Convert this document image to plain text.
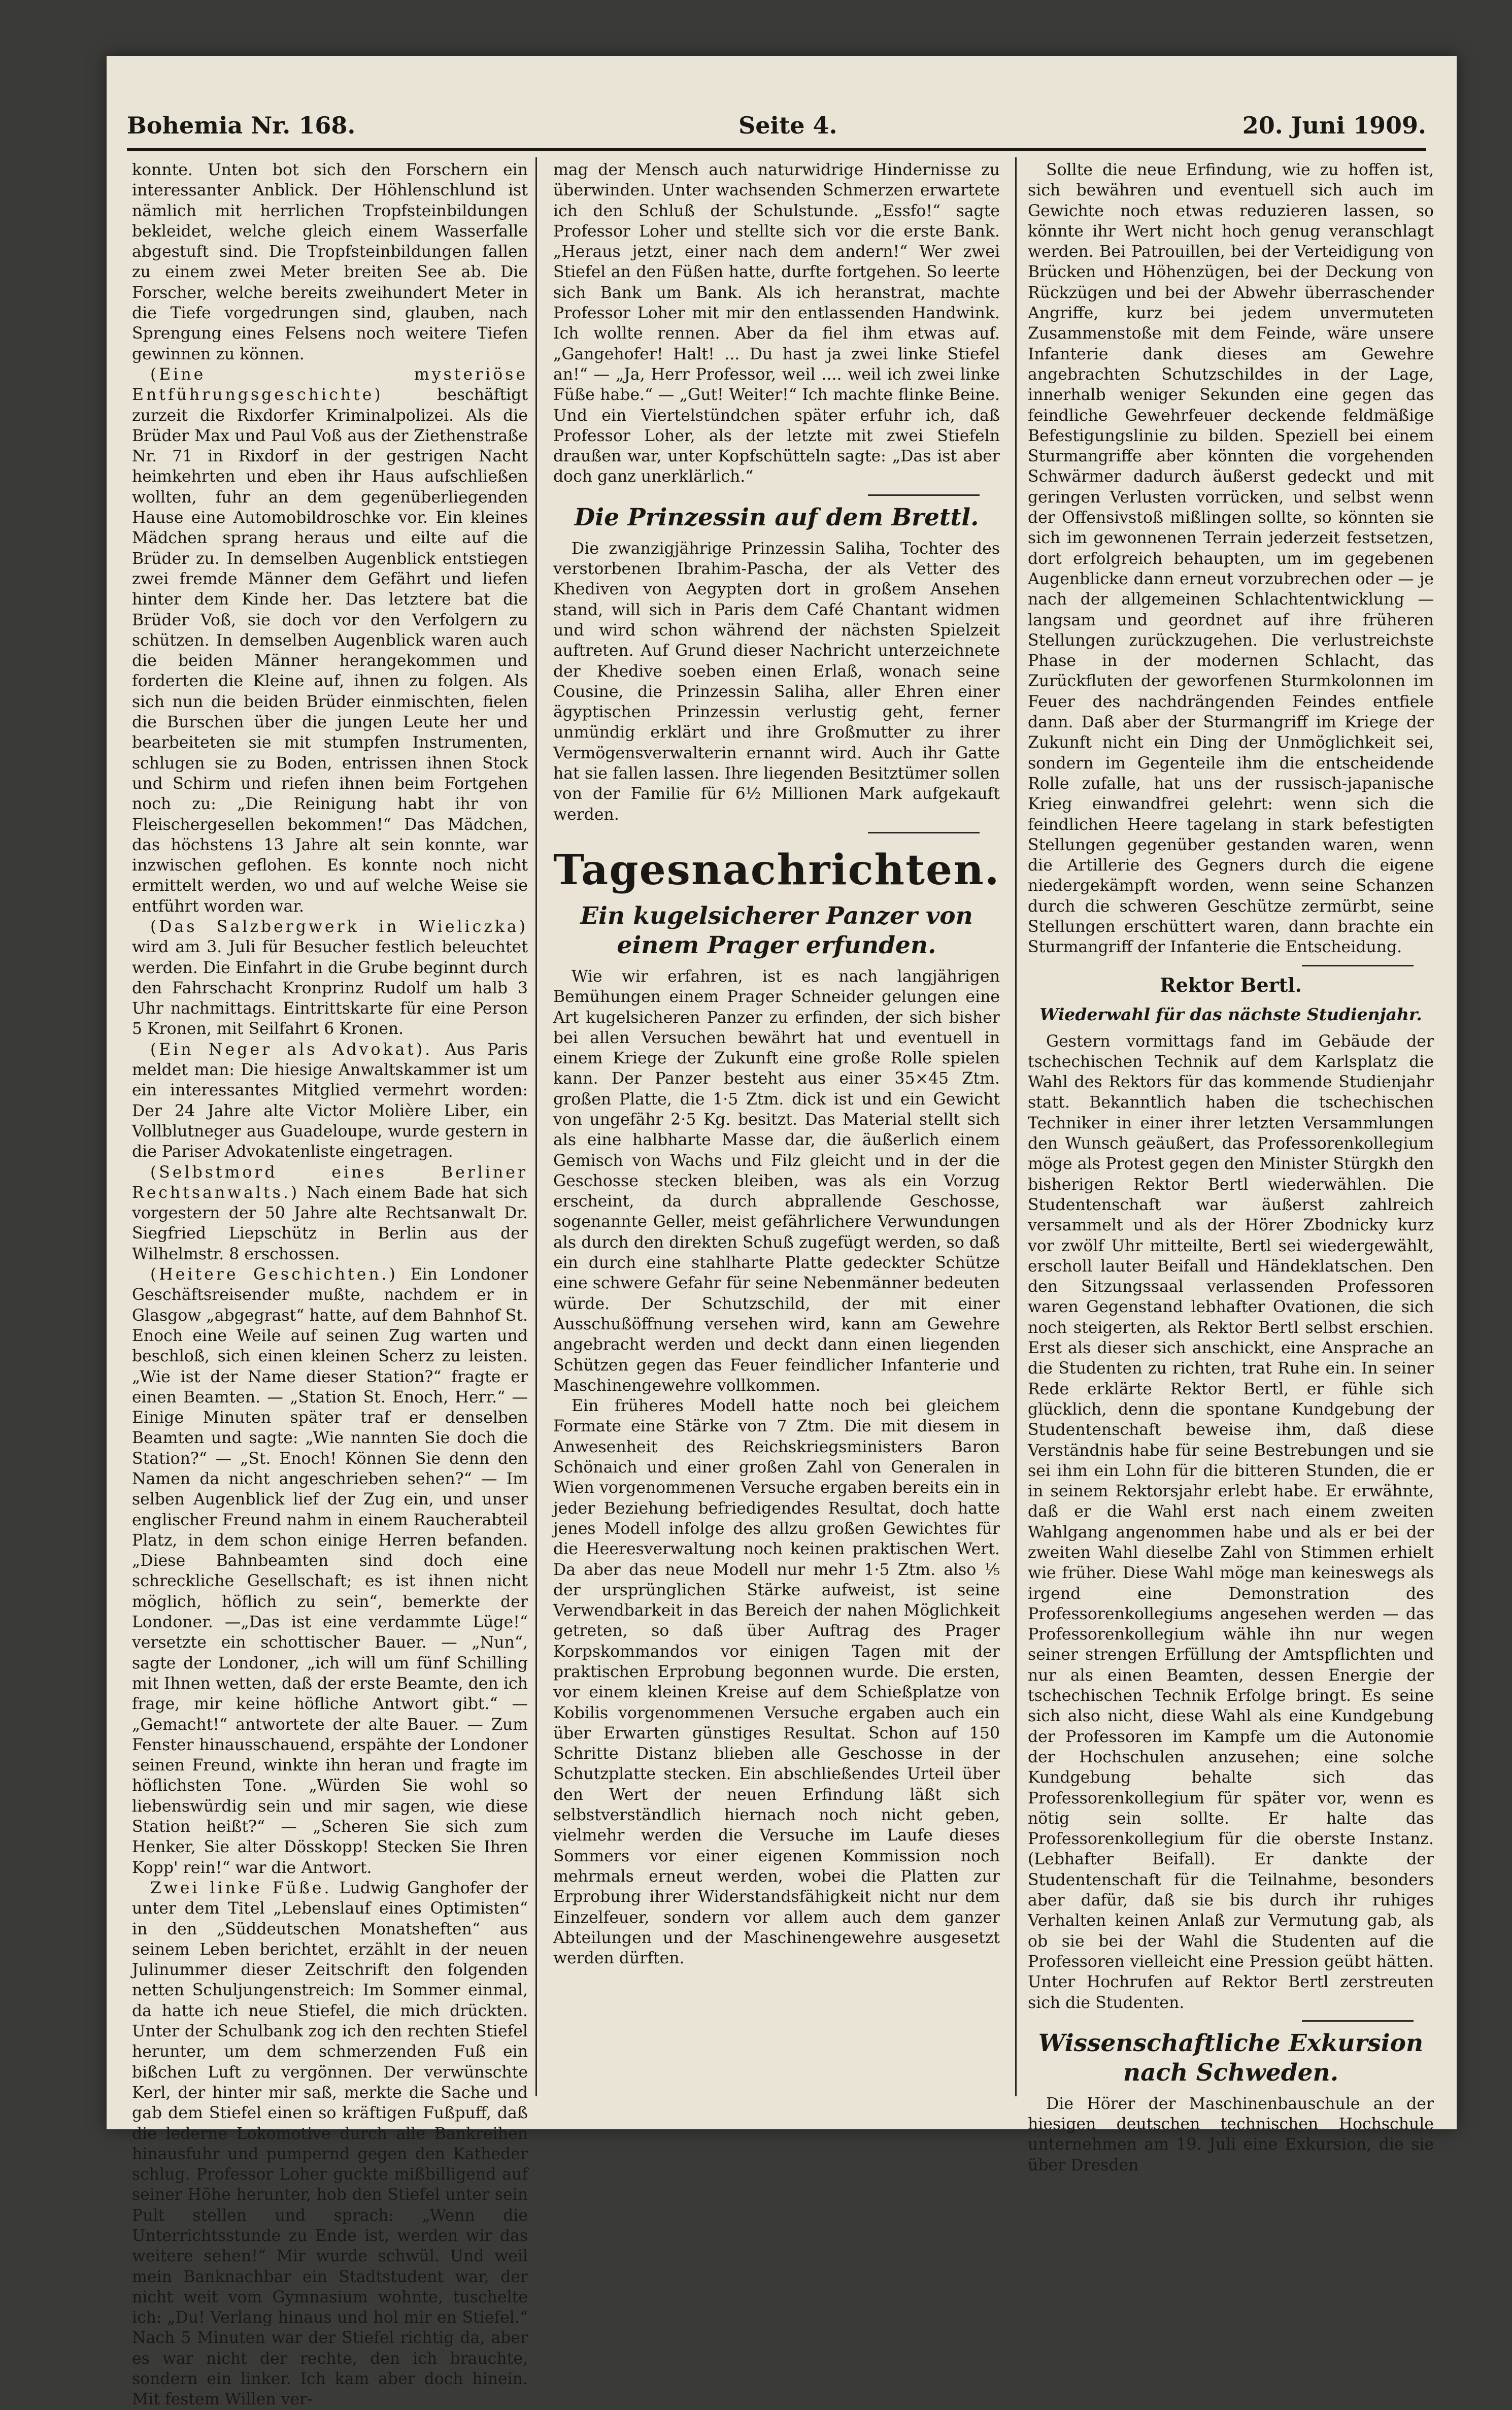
Bohemia Nr. 168.	Seite 4.	20. Juni 1909.

konnte. Unten bot sich den Forschern ein interessanter Anblick. Der Höhlenschlund ist nämlich mit herrlichen Tropfsteinbildungen bekleidet, welche gleich einem Wasserfalle abgestuft sind. Die Tropfsteinbildungen fallen zu einem zwei Meter breiten See ab. Die Forscher, welche bereits zweihundert Meter in die Tiefe vorgedrungen sind, glauben, nach Sprengung eines Felsens noch weitere Tiefen gewinnen zu können.

(Eine mysteriöse Entführungsgeschichte) beschäftigt zurzeit die Rixdorfer Kriminalpolizei. Als die Brüder Max und Paul Voß aus der Ziethenstraße Nr. 71 in Rixdorf in der gestrigen Nacht heimkehrten und eben ihr Haus aufschließen wollten, fuhr an dem gegenüberliegenden Hause eine Automobildroschke vor. Ein kleines Mädchen sprang heraus und eilte auf die Brüder zu. In demselben Augenblick entstiegen zwei fremde Männer dem Gefährt und liefen hinter dem Kinde her. Das letztere bat die Brüder Voß, sie doch vor den Verfolgern zu schützen. In demselben Augenblick waren auch die beiden Männer herangekommen und forderten die Kleine auf, ihnen zu folgen. Als sich nun die beiden Brüder einmischten, fielen die Burschen über die jungen Leute her und bearbeiteten sie mit stumpfen Instrumenten, schlugen sie zu Boden, entrissen ihnen Stock und Schirm und riefen ihnen beim Fortgehen noch zu: „Die Reinigung habt ihr von Fleischergesellen bekommen!“ Das Mädchen, das höchstens 13 Jahre alt sein konnte, war inzwischen geflohen. Es konnte noch nicht ermittelt werden, wo und auf welche Weise sie entführt worden war.

(Das Salzbergwerk in Wieliczka) wird am 3. Juli für Besucher festlich beleuchtet werden. Die Einfahrt in die Grube beginnt durch den Fahrschacht Kronprinz Rudolf um halb 3 Uhr nachmittags. Eintrittskarte für eine Person 5 Kronen, mit Seilfahrt 6 Kronen.

(Ein Neger als Advokat). Aus Paris meldet man: Die hiesige Anwaltskammer ist um ein interessantes Mitglied vermehrt worden: Der 24 Jahre alte Victor Molière Liber, ein Vollblutneger aus Guadeloupe, wurde gestern in die Pariser Advokatenliste eingetragen.

(Selbstmord eines Berliner Rechtsanwalts.) Nach einem Bade hat sich vorgestern der 50 Jahre alte Rechtsanwalt Dr. Siegfried Liepschütz in Berlin aus der Wilhelmstr. 8 erschossen.

(Heitere Geschichten.) Ein Londoner Geschäftsreisender mußte, nachdem er in Glasgow „abgegrast“ hatte, auf dem Bahnhof St. Enoch eine Weile auf seinen Zug warten und beschloß, sich einen kleinen Scherz zu leisten. „Wie ist der Name dieser Station?“ fragte er einen Beamten. — „Station St. Enoch, Herr.“ — Einige Minuten später traf er denselben Beamten und sagte: „Wie nannten Sie doch die Station?“ — „St. Enoch! Können Sie denn den Namen da nicht angeschrieben sehen?“ — Im selben Augenblick lief der Zug ein, und unser englischer Freund nahm in einem Raucherabteil Platz, in dem schon einige Herren befanden. „Diese Bahnbeamten sind doch eine schreckliche Gesellschaft; es ist ihnen nicht möglich, höflich zu sein“, bemerkte der Londoner. —„Das ist eine verdammte Lüge!“ versetzte ein schottischer Bauer. — „Nun“, sagte der Londoner, „ich will um fünf Schilling mit Ihnen wetten, daß der erste Beamte, den ich frage, mir keine höfliche Antwort gibt.“ — „Gemacht!“ antwortete der alte Bauer. — Zum Fenster hinausschauend, erspähte der Londoner seinen Freund, winkte ihn heran und fragte im höflichsten Tone. „Würden Sie wohl so liebenswürdig sein und mir sagen, wie diese Station heißt?“ — „Scheren Sie sich zum Henker, Sie alter Dösskopp! Stecken Sie Ihren Kopp' rein!“ war die Antwort.

Zwei linke Füße. Ludwig Ganghofer der unter dem Titel „Lebenslauf eines Optimisten“ in den „Süddeutschen Monatsheften“ aus seinem Leben berichtet, erzählt in der neuen Julinummer dieser Zeitschrift den folgenden netten Schuljungenstreich: Im Sommer einmal, da hatte ich neue Stiefel, die mich drückten. Unter der Schulbank zog ich den rechten Stiefel herunter, um dem schmerzenden Fuß ein bißchen Luft zu vergönnen. Der verwünschte Kerl, der hinter mir saß, merkte die Sache und gab dem Stiefel einen so kräftigen Fußpuff, daß die lederne Lokomotive durch alle Bankreihen hinausfuhr und pumpernd gegen den Katheder schlug. Professor Loher guckte mißbilligend auf seiner Höhe herunter, hob den Stiefel unter sein Pult stellen und sprach: „Wenn die Unterrichtsstunde zu Ende ist, werden wir das weitere sehen!“ Mir wurde schwül. Und weil mein Banknachbar ein Stadtstudent war, der nicht weit vom Gymnasium wohnte, tuschelte ich: „Du! Verlang hinaus und hol mir en Stiefel.“ Nach 5 Minuten war der Stiefel richtig da, aber es war nicht der rechte, den ich brauchte, sondern ein linker. Ich kam aber doch hinein. Mit festem Willen ver-

mag der Mensch auch naturwidrige Hindernisse zu überwinden. Unter wachsenden Schmerzen erwartete ich den Schluß der Schulstunde. „Essfo!“ sagte Professor Loher und stellte sich vor die erste Bank. „Heraus jetzt, einer nach dem andern!“ Wer zwei Stiefel an den Füßen hatte, durfte fortgehen. So leerte sich Bank um Bank. Als ich heranstrat, machte Professor Loher mit mir den entlassenden Handwink. Ich wollte rennen. Aber da fiel ihm etwas auf. „Gangehofer! Halt! ... Du hast ja zwei linke Stiefel an!“ — „Ja, Herr Professor, weil .... weil ich zwei linke Füße habe.“ — „Gut! Weiter!“ Ich machte flinke Beine. Und ein Viertelstündchen später erfuhr ich, daß Professor Loher, als der letzte mit zwei Stiefeln draußen war, unter Kopfschütteln sagte: „Das ist aber doch ganz unerklärlich.“

Die Prinzessin auf dem Brettl.

Die zwanzigjährige Prinzessin Saliha, Tochter des verstorbenen Ibrahim-Pascha, der als Vetter des Khediven von Aegypten dort in großem Ansehen stand, will sich in Paris dem Café Chantant widmen und wird schon während der nächsten Spielzeit auftreten. Auf Grund dieser Nachricht unterzeichnete der Khedive soeben einen Erlaß, wonach seine Cousine, die Prinzessin Saliha, aller Ehren einer ägyptischen Prinzessin verlustig geht, ferner unmündig erklärt und ihre Großmutter zu ihrer Vermögensverwalterin ernannt wird. Auch ihr Gatte hat sie fallen lassen. Ihre liegenden Besitztümer sollen von der Familie für 6½ Millionen Mark aufgekauft werden.

Tagesnachrichten.
Ein kugelsicherer Panzer von einem Prager erfunden.

Wie wir erfahren, ist es nach langjährigen Bemühungen einem Prager Schneider gelungen eine Art kugelsicheren Panzer zu erfinden, der sich bisher bei allen Versuchen bewährt hat und eventuell in einem Kriege der Zukunft eine große Rolle spielen kann. Der Panzer besteht aus einer 35×45 Ztm. großen Platte, die 1·5 Ztm. dick ist und ein Gewicht von ungefähr 2·5 Kg. besitzt. Das Material stellt sich als eine halbharte Masse dar, die äußerlich einem Gemisch von Wachs und Filz gleicht und in der die Geschosse stecken bleiben, was als ein Vorzug erscheint, da durch abprallende Geschosse, sogenannte Geller, meist gefährlichere Verwundungen als durch den direkten Schuß zugefügt werden, so daß ein durch eine stahlharte Platte gedeckter Schütze eine schwere Gefahr für seine Nebenmänner bedeuten würde. Der Schutzschild, der mit einer Ausschußöffnung versehen wird, kann am Gewehre angebracht werden und deckt dann einen liegenden Schützen gegen das Feuer feindlicher Infanterie und Maschinengewehre vollkommen.

Ein früheres Modell hatte noch bei gleichem Formate eine Stärke von 7 Ztm. Die mit diesem in Anwesenheit des Reichskriegsministers Baron Schönaich und einer großen Zahl von Generalen in Wien vorgenommenen Versuche ergaben bereits ein in jeder Beziehung befriedigendes Resultat, doch hatte jenes Modell infolge des allzu großen Gewichtes für die Heeresverwaltung noch keinen praktischen Wert. Da aber das neue Modell nur mehr 1·5 Ztm. also ⅕ der ursprünglichen Stärke aufweist, ist seine Verwendbarkeit in das Bereich der nahen Möglichkeit getreten, so daß über Auftrag des Prager Korpskommandos vor einigen Tagen mit der praktischen Erprobung begonnen wurde. Die ersten, vor einem kleinen Kreise auf dem Schießplatze von Kobilis vorgenommenen Versuche ergaben auch ein über Erwarten günstiges Resultat. Schon auf 150 Schritte Distanz blieben alle Geschosse in der Schutzplatte stecken. Ein abschließendes Urteil über den Wert der neuen Erfindung läßt sich selbstverständlich hiernach noch nicht geben, vielmehr werden die Versuche im Laufe dieses Sommers vor einer eigenen Kommission noch mehrmals erneut werden, wobei die Platten zur Erprobung ihrer Widerstandsfähigkeit nicht nur dem Einzelfeuer, sondern vor allem auch dem ganzer Abteilungen und der Maschinengewehre ausgesetzt werden dürften.

Sollte die neue Erfindung, wie zu hoffen ist, sich bewähren und eventuell sich auch im Gewichte noch etwas reduzieren lassen, so könnte ihr Wert nicht hoch genug veranschlagt werden. Bei Patrouillen, bei der Verteidigung von Brücken und Höhenzügen, bei der Deckung von Rückzügen und bei der Abwehr überraschender Angriffe, kurz bei jedem unvermuteten Zusammenstoße mit dem Feinde, wäre unsere Infanterie dank dieses am Gewehre angebrachten Schutzschildes in der Lage, innerhalb weniger Sekunden eine gegen das feindliche Gewehrfeuer deckende feldmäßige Befestigungslinie zu bilden. Speziell bei einem Sturmangriffe aber könnten die vorgehenden Schwärmer dadurch äußerst gedeckt und mit geringen Verlusten vorrücken, und selbst wenn der Offensivstoß mißlingen sollte, so könnten sie sich im gewonnenen Terrain jederzeit festsetzen, dort erfolgreich behaupten, um im gegebenen Augenblicke dann erneut vorzubrechen oder — je nach der allgemeinen Schlachtentwicklung — langsam und geordnet auf ihre früheren Stellungen zurückzugehen. Die verlustreichste Phase in der modernen Schlacht, das Zurückfluten der geworfenen Sturmkolonnen im Feuer des nachdrängenden Feindes entfiele dann. Daß aber der Sturmangriff im Kriege der Zukunft nicht ein Ding der Unmöglichkeit sei, sondern im Gegenteile ihm die entscheidende Rolle zufalle, hat uns der russisch-japanische Krieg einwandfrei gelehrt: wenn sich die feindlichen Heere tagelang in stark befestigten Stellungen gegenüber gestanden waren, wenn die Artillerie des Gegners durch die eigene niedergekämpft worden, wenn seine Schanzen durch die schweren Geschütze zermürbt, seine Stellungen erschüttert waren, dann brachte ein Sturmangriff der Infanterie die Entscheidung.

Rektor Bertl.
Wiederwahl für das nächste Studienjahr.

Gestern vormittags fand im Gebäude der tschechischen Technik auf dem Karlsplatz die Wahl des Rektors für das kommende Studienjahr statt. Bekanntlich haben die tschechischen Techniker in einer ihrer letzten Versammlungen den Wunsch geäußert, das Professorenkollegium möge als Protest gegen den Minister Stürgkh den bisherigen Rektor Bertl wiederwählen. Die Studentenschaft war äußerst zahlreich versammelt und als der Hörer Zbodnicky kurz vor zwölf Uhr mitteilte, Bertl sei wiedergewählt, erscholl lauter Beifall und Händeklatschen. Den den Sitzungssaal verlassenden Professoren waren Gegenstand lebhafter Ovationen, die sich noch steigerten, als Rektor Bertl selbst erschien. Erst als dieser sich anschickt, eine Ansprache an die Studenten zu richten, trat Ruhe ein. In seiner Rede erklärte Rektor Bertl, er fühle sich glücklich, denn die spontane Kundgebung der Studentenschaft beweise ihm, daß diese Verständnis habe für seine Bestrebungen und sie sei ihm ein Lohn für die bitteren Stunden, die er in seinem Rektorsjahr erlebt habe. Er erwähnte, daß er die Wahl erst nach einem zweiten Wahlgang angenommen habe und als er bei der zweiten Wahl dieselbe Zahl von Stimmen erhielt wie früher. Diese Wahl möge man keineswegs als irgend eine Demonstration des Professorenkollegiums angesehen werden — das Professorenkollegium wähle ihn nur wegen seiner strengen Erfüllung der Amtspflichten und nur als einen Beamten, dessen Energie der tschechischen Technik Erfolge bringt. Es seine sich also nicht, diese Wahl als eine Kundgebung der Professoren im Kampfe um die Autonomie der Hochschulen anzusehen; eine solche Kundgebung behalte sich das Professorenkollegium für später vor, wenn es nötig sein sollte. Er halte das Professorenkollegium für die oberste Instanz. (Lebhafter Beifall). Er dankte der Studentenschaft für die Teilnahme, besonders aber dafür, daß sie bis durch ihr ruhiges Verhalten keinen Anlaß zur Vermutung gab, als ob sie bei der Wahl die Studenten auf die Professoren vielleicht eine Pression geübt hätten. Unter Hochrufen auf Rektor Bertl zerstreuten sich die Studenten.

Wissenschaftliche Exkursion nach Schweden.

Die Hörer der Maschinenbauschule an der hiesigen deutschen technischen Hochschule unternehmen am 19. Juli eine Exkursion, die sie über Dresden
